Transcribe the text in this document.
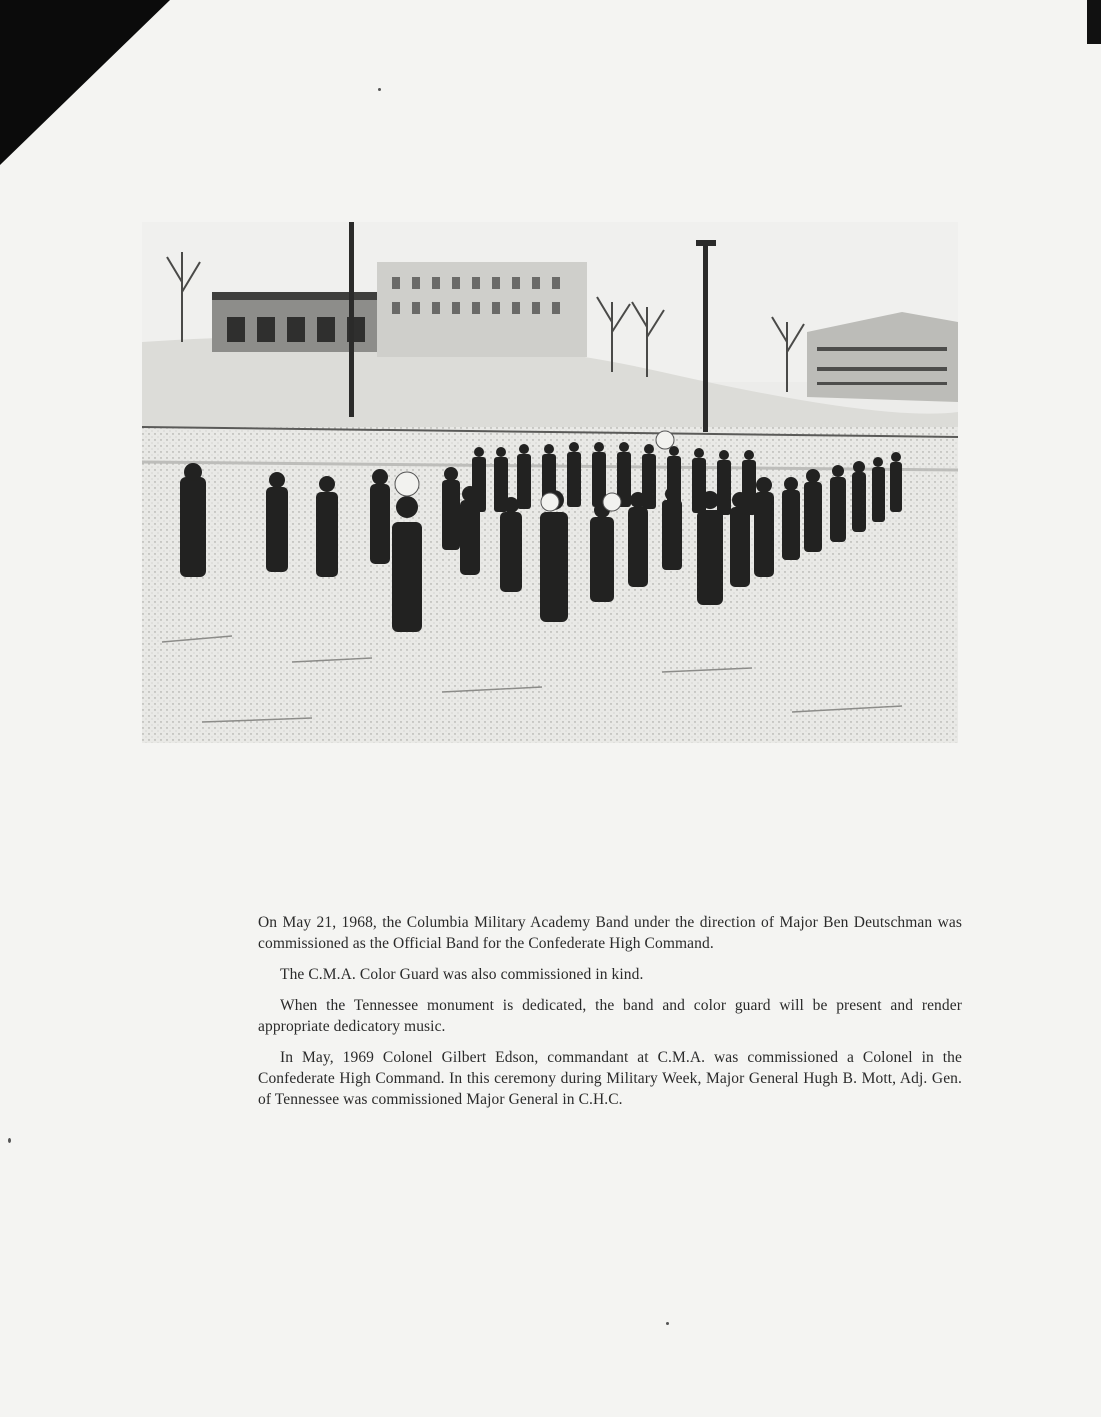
On May 21, 1968, the Columbia Military Academy Band under the direction of Major Ben Deutschman was commissioned as the Official Band for the Confederate High Command.

The C.M.A. Color Guard was also commissioned in kind.

When the Tennessee monument is dedicated, the band and color guard will be present and render appropriate dedicatory music.

In May, 1969 Colonel Gilbert Edson, commandant at C.M.A. was commissioned a Colonel in the Confederate High Command. In this ceremony during Military Week, Major General Hugh B. Mott, Adj. Gen. of Tennessee was commissioned Major General in C.H.C.
